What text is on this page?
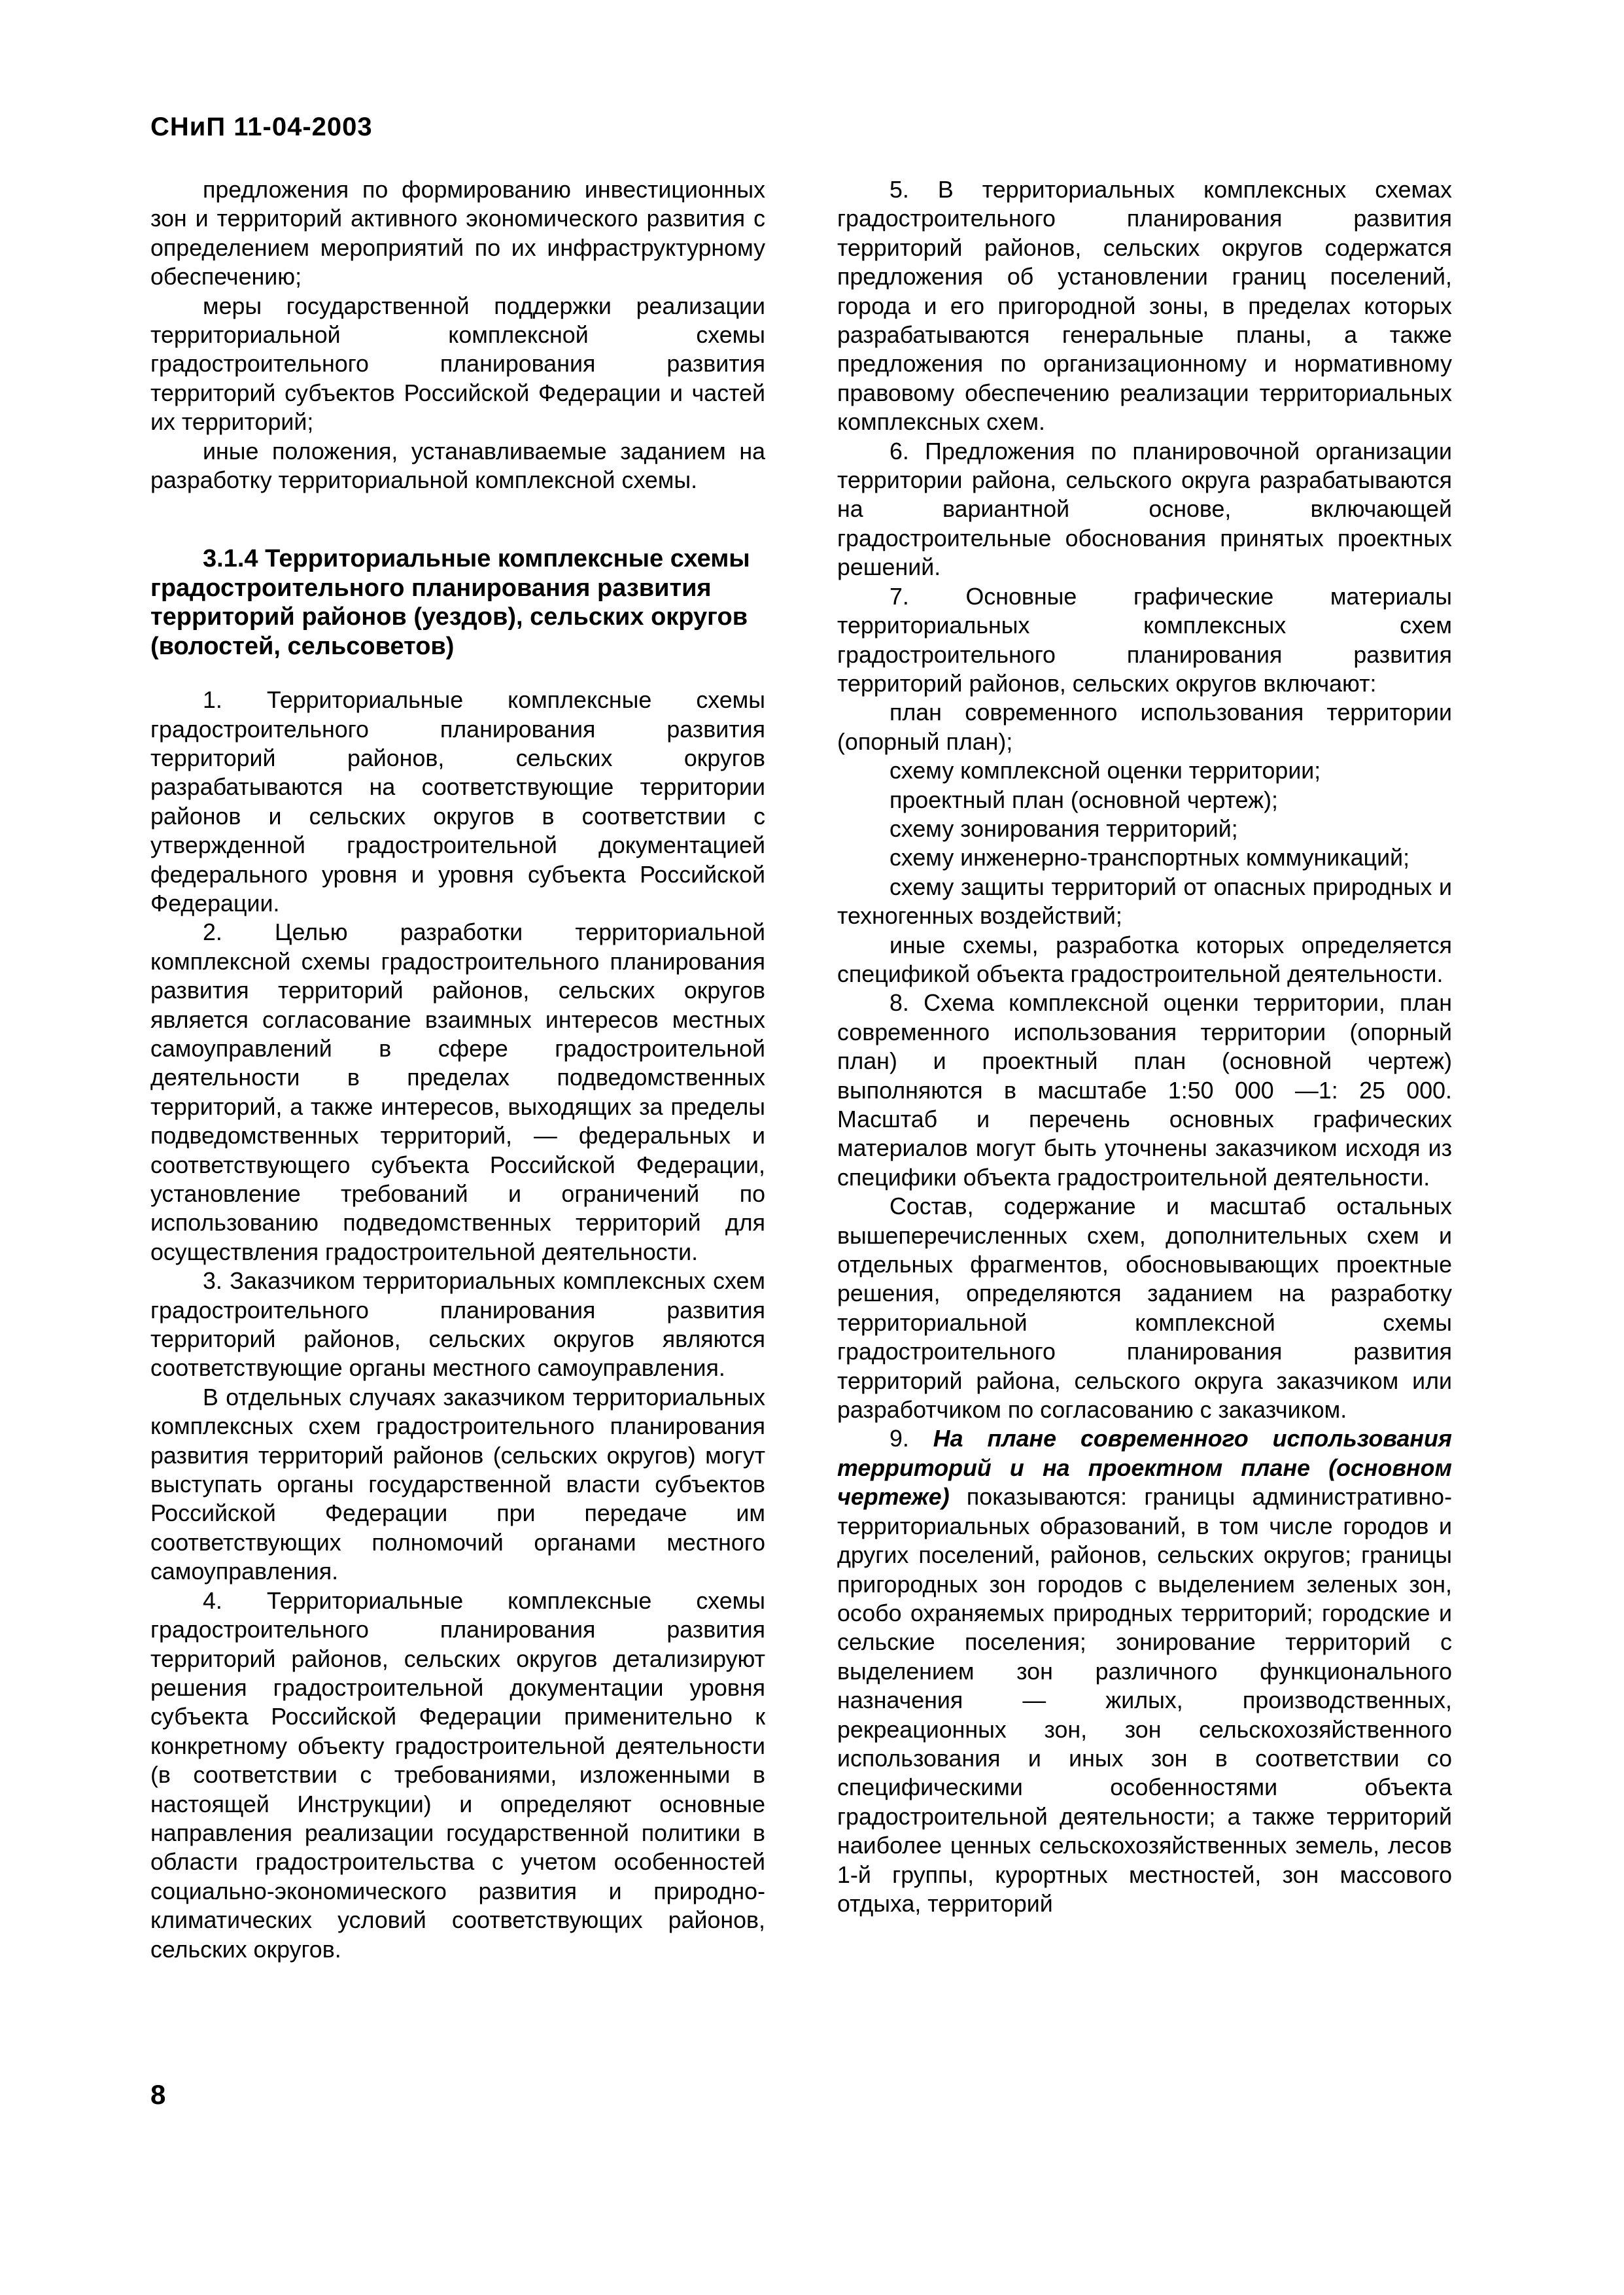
СНиП 11-04-2003

предложения по формированию инвестиционных зон и территорий активного экономического развития с определением мероприятий по их инфраструктурному обеспечению;

меры государственной поддержки реализации территориальной комплексной схемы градостроительного планирования развития территорий субъектов Российской Федерации и частей их территорий;

иные положения, устанавливаемые заданием на разработку территориальной комплексной схемы.

3.1.4 Территориальные комплексные схемы градостроительного планирования развития территорий районов (уездов), сельских округов (волостей, сельсоветов)

1. Территориальные комплексные схемы градостроительного планирования развития территорий районов, сельских округов разрабатываются на соответствующие территории районов и сельских округов в соответствии с утвержденной градостроительной документацией федерального уровня и уровня субъекта Российской Федерации.

2. Целью разработки территориальной комплексной схемы градостроительного планирования развития территорий районов, сельских округов является согласование взаимных интересов местных самоуправлений в сфере градостроительной деятельности в пределах подведомственных территорий, а также интересов, выходящих за пределы подведомственных территорий, — федеральных и соответствующего субъекта Российской Федерации, установление требований и ограничений по использованию подведомственных территорий для осуществления градостроительной деятельности.

3. Заказчиком территориальных комплексных схем градостроительного планирования развития территорий районов, сельских округов являются соответствующие органы местного самоуправления.

В отдельных случаях заказчиком территориальных комплексных схем градостроительного планирования развития территорий районов (сельских округов) могут выступать органы государственной власти субъектов Российской Федерации при передаче им соответствующих полномочий органами местного самоуправления.

4. Территориальные комплексные схемы градостроительного планирования развития территорий районов, сельских округов детализируют решения градостроительной документации уровня субъекта Российской Федерации применительно к конкретному объекту градостроительной деятельности (в соответствии с требованиями, изложенными в настоящей Инструкции) и определяют основные направления реализации государственной политики в области градостроительства с учетом особенностей социально-экономического развития и природно-климатических условий соответствующих районов, сельских округов.

5. В территориальных комплексных схемах градостроительного планирования развития территорий районов, сельских округов содержатся предложения об установлении границ поселений, города и его пригородной зоны, в пределах которых разрабатываются генеральные планы, а также предложения по организационному и нормативному правовому обеспечению реализации территориальных комплексных схем.

6. Предложения по планировочной организации территории района, сельского округа разрабатываются на вариантной основе, включающей градостроительные обоснования принятых проектных решений.

7. Основные графические материалы территориальных комплексных схем градостроительного планирования развития территорий районов, сельских округов включают:

план современного использования территории (опорный план);

схему комплексной оценки территории;

проектный план (основной чертеж);

схему зонирования территорий;

схему инженерно-транспортных коммуникаций;

схему защиты территорий от опасных природных и техногенных воздействий;

иные схемы, разработка которых определяется спецификой объекта градостроительной деятельности.

8. Схема комплексной оценки территории, план современного использования территории (опорный план) и проектный план (основной чертеж) выполняются в масштабе 1:50 000 —1: 25 000. Масштаб и перечень основных графических материалов могут быть уточнены заказчиком исходя из специфики объекта градостроительной деятельности.

Состав, содержание и масштаб остальных вышеперечисленных схем, дополнительных схем и отдельных фрагментов, обосновывающих проектные решения, определяются заданием на разработку территориальной комплексной схемы градостроительного планирования развития территорий района, сельского округа заказчиком или разработчиком по согласованию с заказчиком.

9. На плане современного использования территорий и на проектном плане (основном чертеже) показываются: границы административно-территориальных образований, в том числе городов и других поселений, районов, сельских округов; границы пригородных зон городов с выделением зеленых зон, особо охраняемых природных территорий; городские и сельские поселения; зонирование территорий с выделением зон различного функционального назначения — жилых, производственных, рекреационных зон, зон сельскохозяйственного использования и иных зон в соответствии со специфическими особенностями объекта градостроительной деятельности; а также территорий наиболее ценных сельскохозяйственных земель, лесов 1-й группы, курортных местностей, зон массового отдыха, территорий

8
